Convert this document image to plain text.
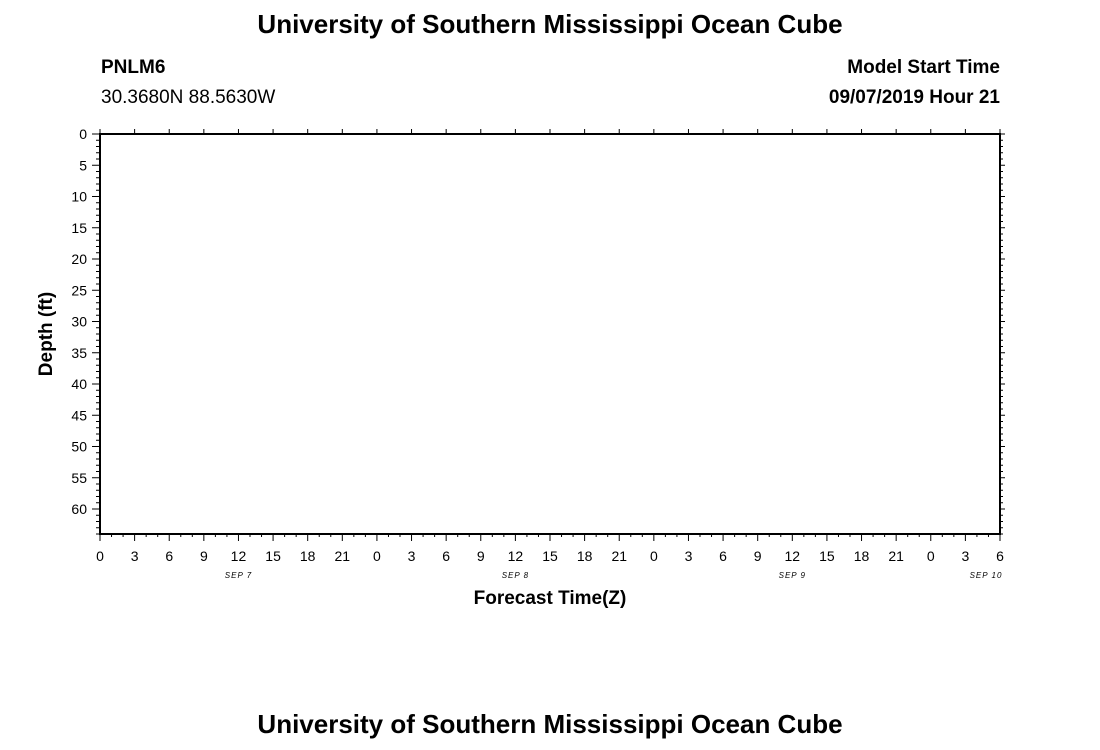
University of Southern Mississippi Ocean Cube
PNLM6
30.3680N 88.5630W
Model Start Time
09/07/2019 Hour 21
0
5
10
15
20
25
30
35
40
45
50
55
60
0 3 6 9 12 15 18 21 0 3 6 9 12 15 18 21 0 3 6 9 12 15 18 21 0 3 6
SEP 7	SEP 8	SEP 9	SEP 10
Depth (ft)
Forecast Time(Z)
University of Southern Mississippi Ocean Cube
